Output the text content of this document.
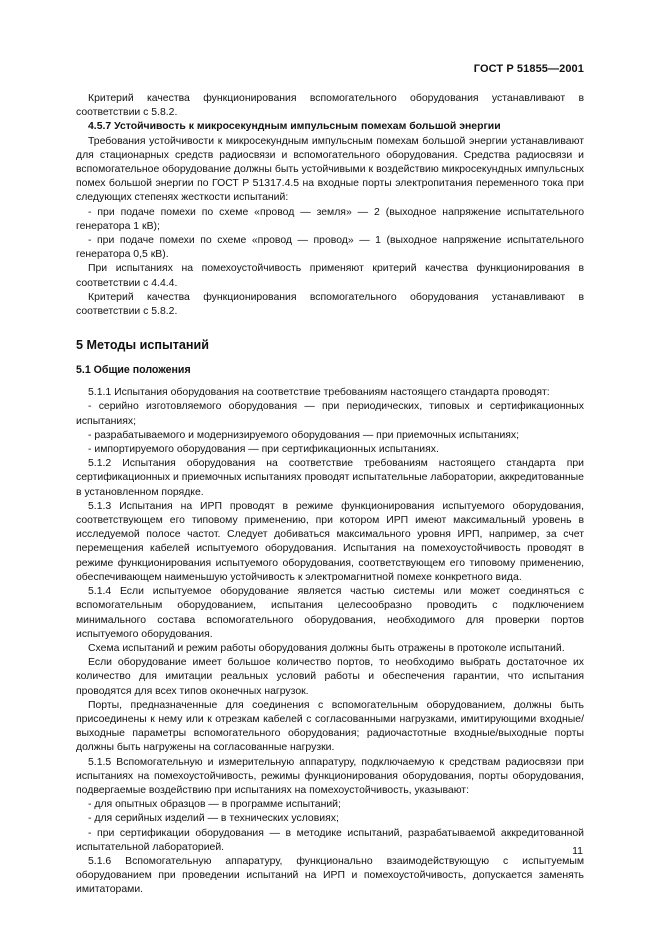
ГОСТ Р 51855—2001

Критерий качества функционирования вспомогательного оборудования устанавливают в соответствии с 5.8.2.

4.5.7 Устойчивость к микросекундным импульсным помехам большой энергии

Требования устойчивости к микросекундным импульсным помехам большой энергии устанавливают для стационарных средств радиосвязи и вспомогательного оборудования. Средства радиосвязи и вспомогательное оборудование должны быть устойчивыми к воздействию микросекундных импульсных помех большой энергии по ГОСТ Р 51317.4.5 на входные порты электропитания переменного тока при следующих степенях жесткости испытаний:

- при подаче помехи по схеме «провод — земля» — 2 (выходное напряжение испытательного генератора 1 кВ);

- при подаче помехи по схеме «провод — провод» — 1 (выходное напряжение испытательного генератора 0,5 кВ).

При испытаниях на помехоустойчивость применяют критерий качества функционирования в соответствии с 4.4.4.

Критерий качества функционирования вспомогательного оборудования устанавливают в соответствии с 5.8.2.

5 Методы испытаний
5.1 Общие положения

5.1.1 Испытания оборудования на соответствие требованиям настоящего стандарта проводят:

- серийно изготовляемого оборудования — при периодических, типовых и сертификационных испытаниях;

- разрабатываемого и модернизируемого оборудования — при приемочных испытаниях;

- импортируемого оборудования — при сертификационных испытаниях.

5.1.2 Испытания оборудования на соответствие требованиям настоящего стандарта при сертификационных и приемочных испытаниях проводят испытательные лаборатории, аккредитованные в установленном порядке.

5.1.3 Испытания на ИРП проводят в режиме функционирования испытуемого оборудования, соответствующем его типовому применению, при котором ИРП имеют максимальный уровень в исследуемой полосе частот. Следует добиваться максимального уровня ИРП, например, за счет перемещения кабелей испытуемого оборудования. Испытания на помехоустойчивость проводят в режиме функционирования испытуемого оборудования, соответствующем его типовому применению, обеспечивающем наименьшую устойчивость к электромагнитной помехе конкретного вида.

5.1.4 Если испытуемое оборудование является частью системы или может соединяться с вспомогательным оборудованием, испытания целесообразно проводить с подключением минимального состава вспомогательного оборудования, необходимого для проверки портов испытуемого оборудования.

Схема испытаний и режим работы оборудования должны быть отражены в протоколе испытаний.

Если оборудование имеет большое количество портов, то необходимо выбрать достаточное их количество для имитации реальных условий работы и обеспечения гарантии, что испытания проводятся для всех типов оконечных нагрузок.

Порты, предназначенные для соединения с вспомогательным оборудованием, должны быть присоединены к нему или к отрезкам кабелей с согласованными нагрузками, имитирующими входные/выходные параметры вспомогательного оборудования; радиочастотные входные/выходные порты должны быть нагружены на согласованные нагрузки.

5.1.5 Вспомогательную и измерительную аппаратуру, подключаемую к средствам радиосвязи при испытаниях на помехоустойчивость, режимы функционирования оборудования, порты оборудования, подвергаемые воздействию при испытаниях на помехоустойчивость, указывают:

- для опытных образцов — в программе испытаний;

- для серийных изделий — в технических условиях;

- при сертификации оборудования — в методике испытаний, разрабатываемой аккредитованной испытательной лабораторией.

5.1.6 Вспомогательную аппаратуру, функционально взаимодействующую с испытуемым оборудованием при проведении испытаний на ИРП и помехоустойчивость, допускается заменять имитаторами.

11
